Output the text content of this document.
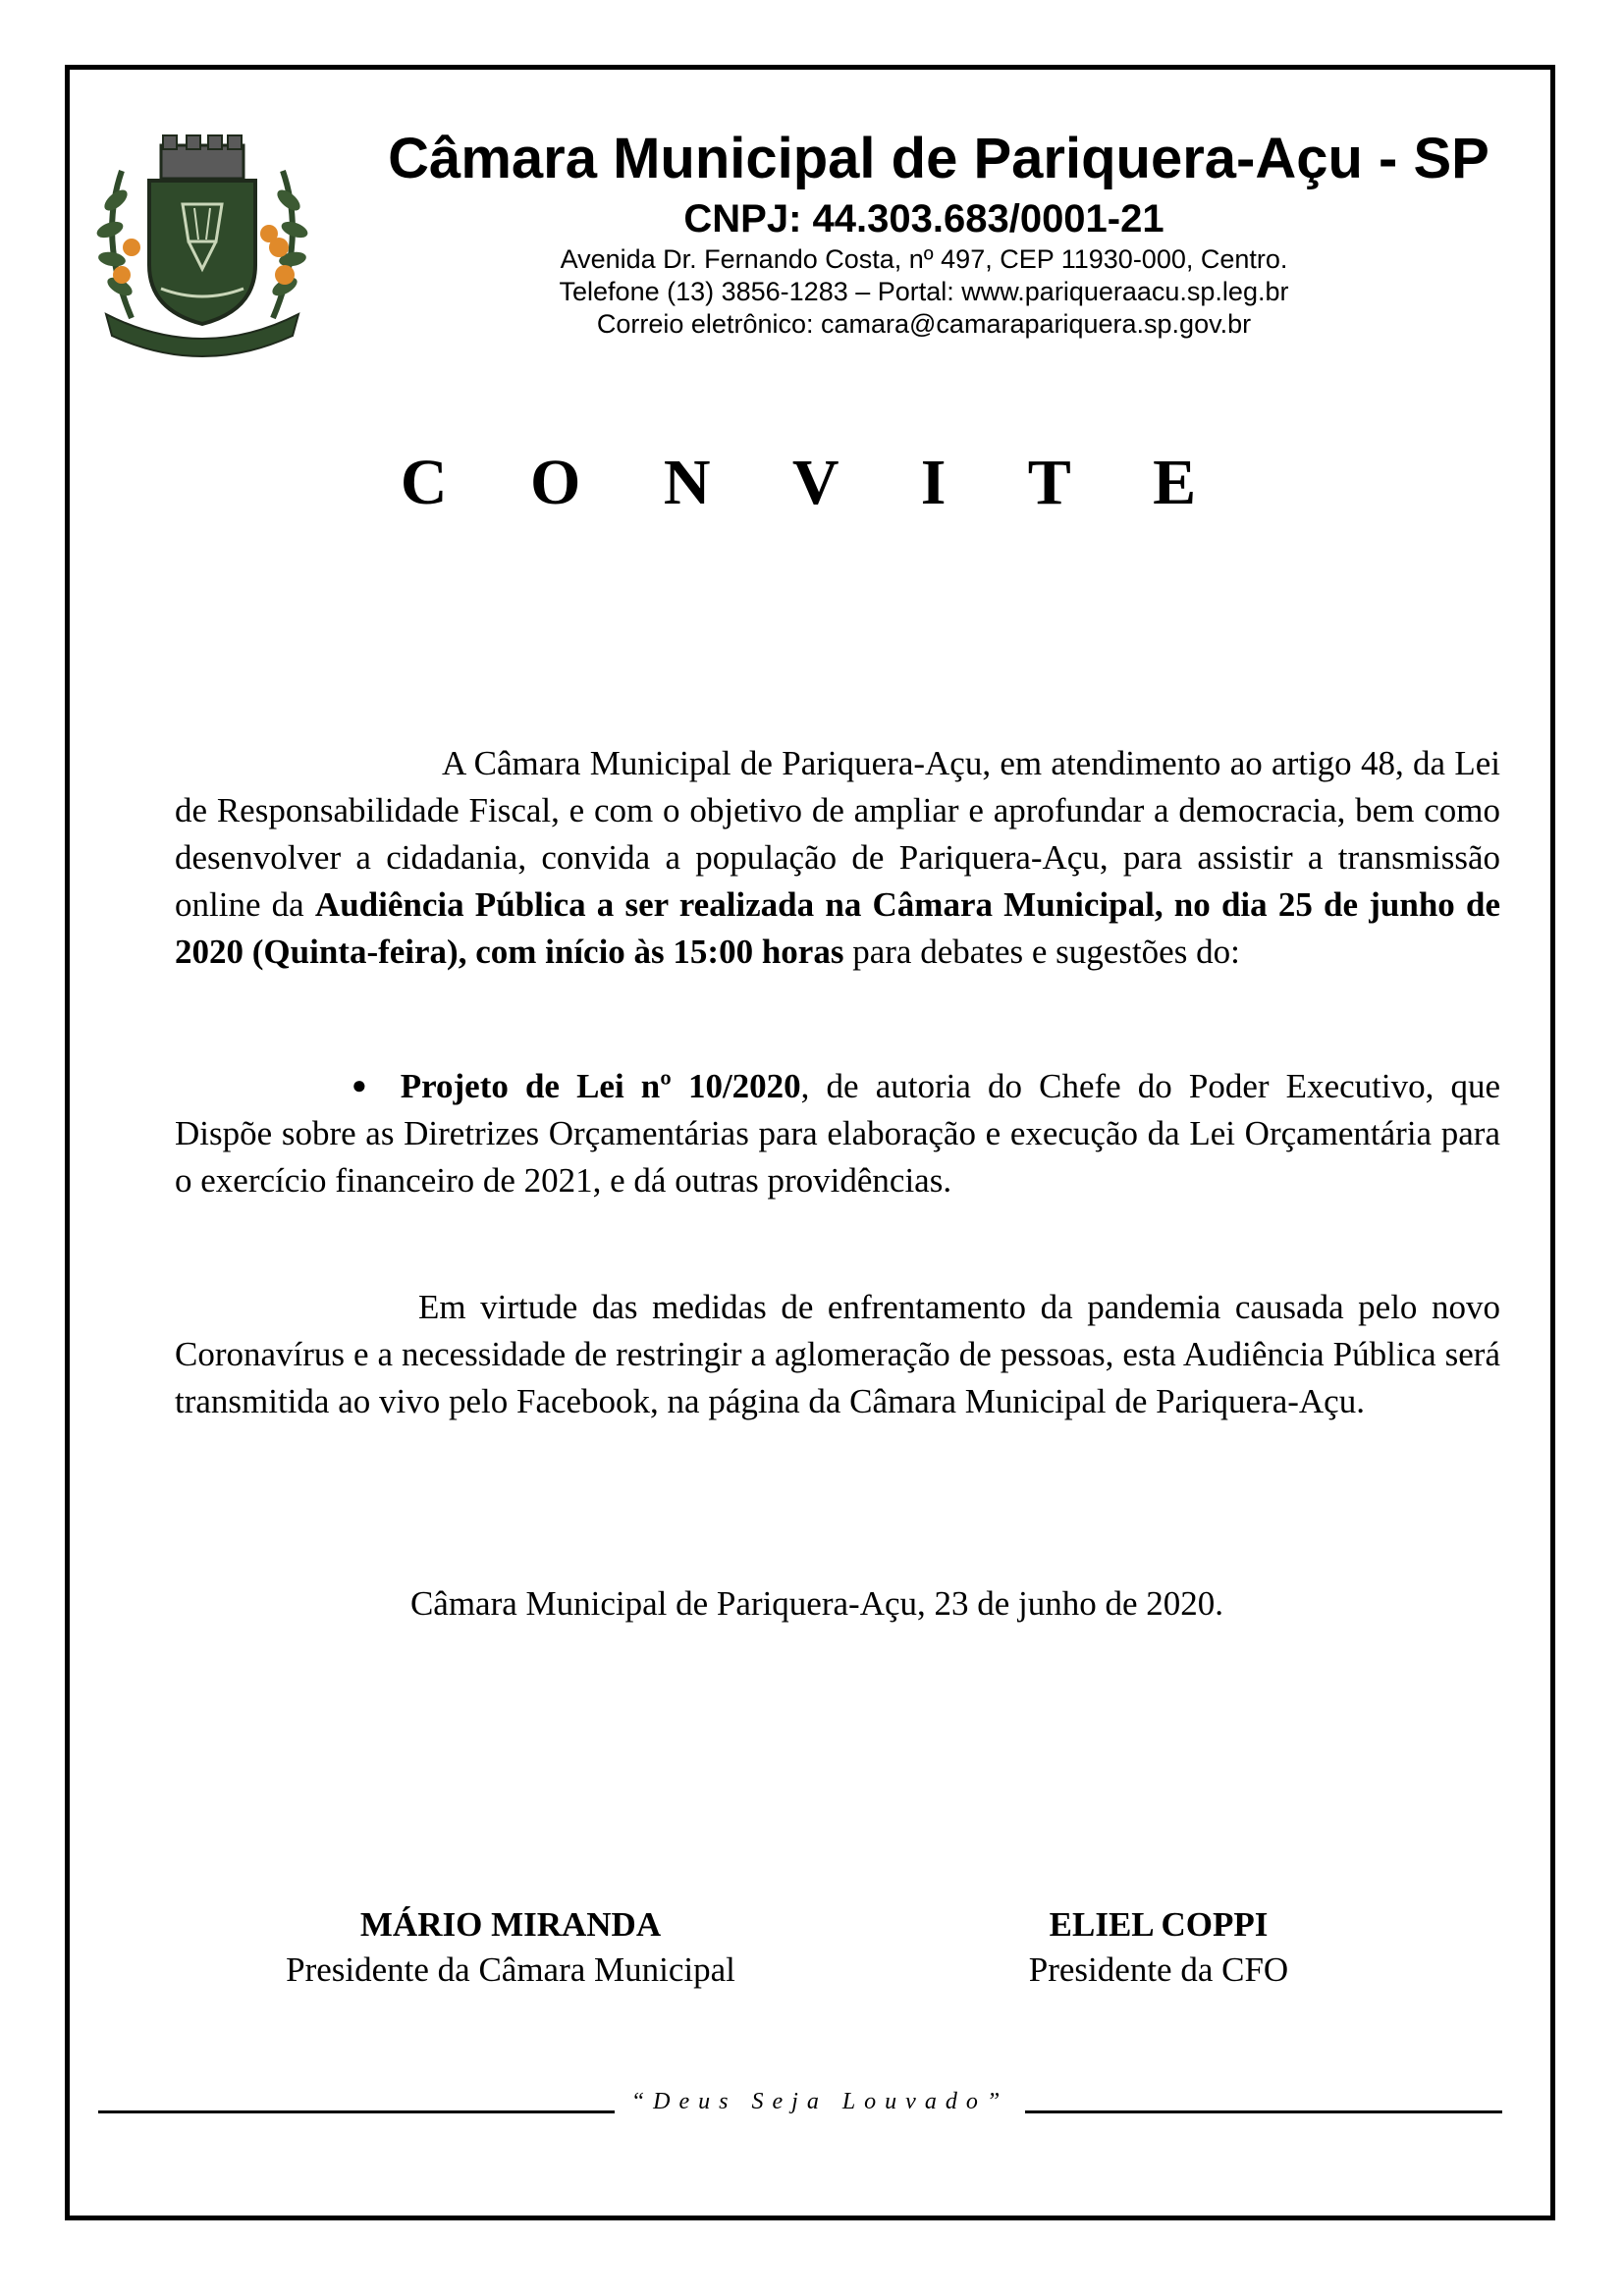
Câmara Municipal de Pariquera-Açu - SP
CNPJ: 44.303.683/0001-21
Avenida Dr. Fernando Costa, nº 497, CEP 11930-000, Centro.
Telefone (13) 3856-1283 – Portal: www.pariqueraacu.sp.leg.br
Correio eletrônico: camara@camarapariquera.sp.gov.br
C O N V I T E
A Câmara Municipal de Pariquera-Açu, em atendimento ao artigo 48, da Lei de Responsabilidade Fiscal, e com o objetivo de ampliar e aprofundar a democracia, bem como desenvolver a cidadania, convida a população de Pariquera-Açu, para assistir a transmissão online da Audiência Pública a ser realizada na Câmara Municipal, no dia 25 de junho de 2020 (Quinta-feira), com início às 15:00 horas para debates e sugestões do:
● Projeto de Lei nº 10/2020, de autoria do Chefe do Poder Executivo, que Dispõe sobre as Diretrizes Orçamentárias para elaboração e execução da Lei Orçamentária para o exercício financeiro de 2021, e dá outras providências.
Em virtude das medidas de enfrentamento da pandemia causada pelo novo Coronavírus e a necessidade de restringir a aglomeração de pessoas, esta Audiência Pública será transmitida ao vivo pelo Facebook, na página da Câmara Municipal de Pariquera-Açu.
Câmara Municipal de Pariquera-Açu, 23 de junho de 2020.
MÁRIO MIRANDA
Presidente da Câmara Municipal
ELIEL COPPI
Presidente da CFO
“Deus Seja Louvado”
